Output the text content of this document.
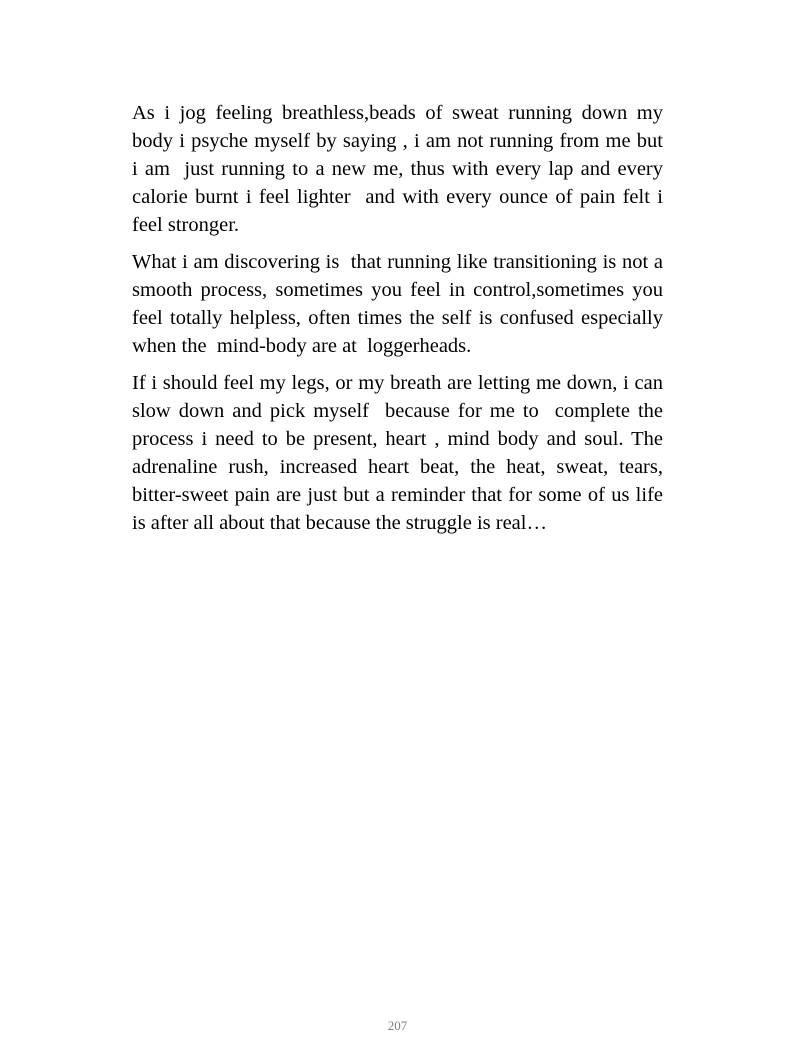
As i jog feeling breathless,beads of sweat running down my body i psyche myself by saying , i am not running from me but  i am  just running to a new me, thus with every lap and every calorie burnt i feel lighter  and with every ounce of pain felt i feel stronger.

What i am discovering is  that running like transitioning is not a smooth process, sometimes you feel in control,sometimes you feel totally helpless, often times the self is confused especially when the  mind-body are at  loggerheads.

If i should feel my legs, or my breath are letting me down, i can slow down and pick myself  because for me to  complete the process i need to be present, heart , mind body and soul. The  adrenaline rush, increased heart beat, the heat, sweat, tears, bitter-sweet pain are just but a reminder that for some of us life is after all about that because the struggle is real…

207
